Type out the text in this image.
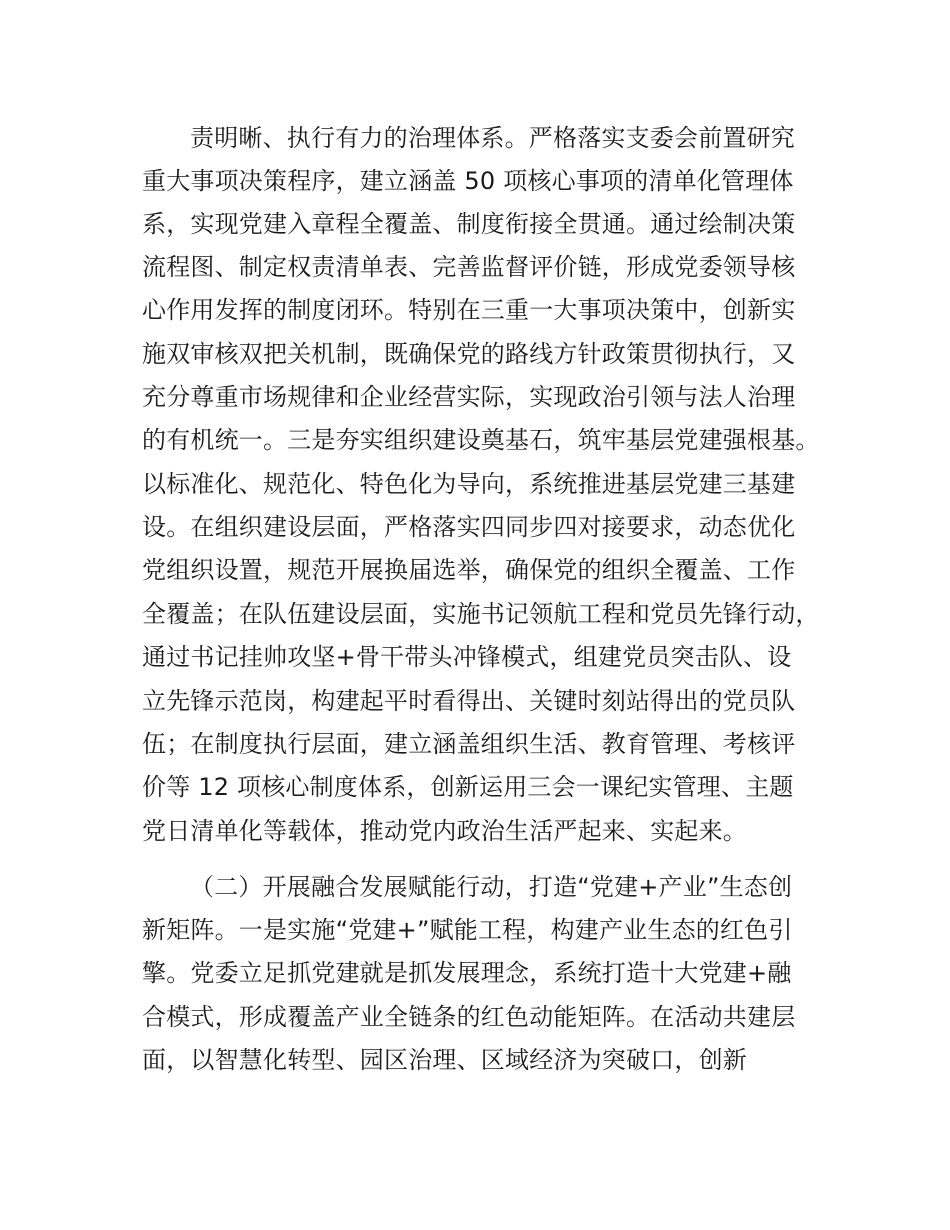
责明晰、执行有力的治理体系。严格落实支委会前置研究
重大事项决策程序，建立涵盖 50 项核心事项的清单化管理体
系，实现党建入章程全覆盖、制度衔接全贯通。通过绘制决策
流程图、制定权责清单表、完善监督评价链，形成党委领导核
心作用发挥的制度闭环。特别在三重一大事项决策中，创新实
施双审核双把关机制，既确保党的路线方针政策贯彻执行，又
充分尊重市场规律和企业经营实际，实现政治引领与法人治理
的有机统一。三是夯实组织建设奠基石，筑牢基层党建强根基。
以标准化、规范化、特色化为导向，系统推进基层党建三基建
设。在组织建设层面，严格落实四同步四对接要求，动态优化
党组织设置，规范开展换届选举，确保党的组织全覆盖、工作
全覆盖；在队伍建设层面，实施书记领航工程和党员先锋行动，
通过书记挂帅攻坚+骨干带头冲锋模式，组建党员突击队、设
立先锋示范岗，构建起平时看得出、关键时刻站得出的党员队
伍；在制度执行层面，建立涵盖组织生活、教育管理、考核评
价等 12 项核心制度体系，创新运用三会一课纪实管理、主题
党日清单化等载体，推动党内政治生活严起来、实起来。
（二）开展融合发展赋能行动，打造“党建+产业”生态创
新矩阵。一是实施“党建+”赋能工程，构建产业生态的红色引
擎。党委立足抓党建就是抓发展理念，系统打造十大党建+融
合模式，形成覆盖产业全链条的红色动能矩阵。在活动共建层
面，以智慧化转型、园区治理、区域经济为突破口，创新
